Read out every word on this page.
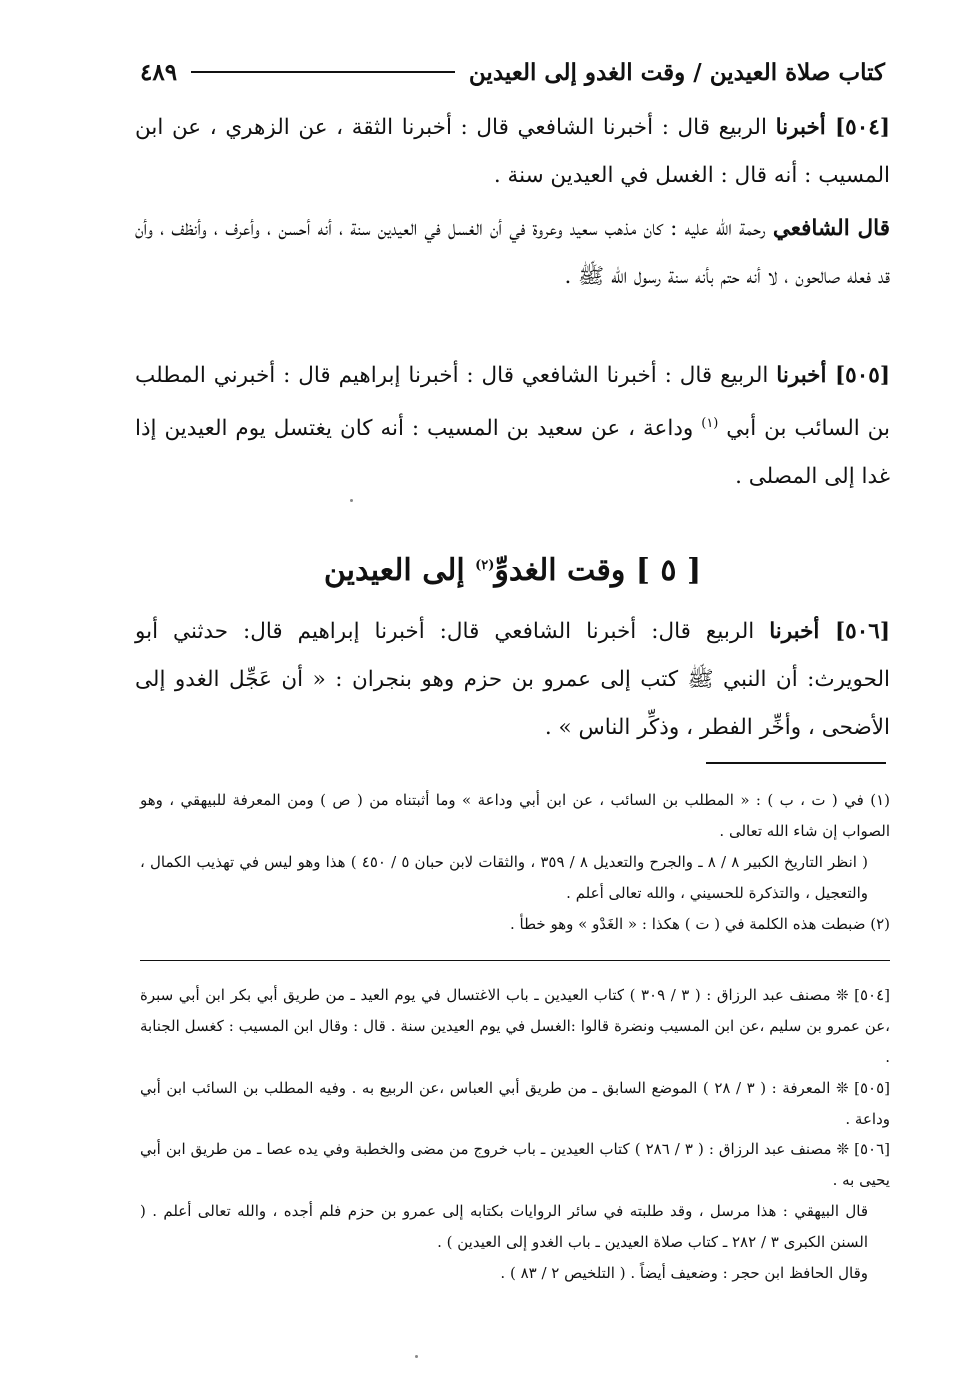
كتاب صلاة العيدين / وقت الغدو إلى العيدين
٤٨٩
[٥٠٤] أخبرنا الربيع قال : أخبرنا الشافعي قال : أخبرنا الثقة ، عن الزهري ، عن ابن المسيب : أنه قال : الغسل في العيدين سنة .
قال الشافعي رحمة الله عليه : كان مذهب سعيد وعروة في أن الغسل في العيدين سنة ، أنه أحسن ، وأعرف ، وأنظف ، وأن قد فعله صالحون ، لا أنه حتم بأنه سنة رسول الله ﷺ .
[٥٠٥] أخبرنا الربيع قال : أخبرنا الشافعي قال : أخبرنا إبراهيم قال : أخبرني المطلب بن السائب بن أبي $^{(١)}$ وداعة ، عن سعيد بن المسيب : أنه كان يغتسل يوم العيدين إذا غدا إلى المصلى .
[ ٥ ] وقت الغدوِّ$^{(٢)}$ إلى العيدين
[٥٠٦] أخبرنا الربيع قال: أخبرنا الشافعي قال: أخبرنا إبراهيم قال: حدثني أبو الحويرث: أن النبي ﷺ كتب إلى عمرو بن حزم وهو بنجران : « أن عَجِّل الغدو إلى الأضحى ، وأخِّر الفطر ، وذكِّر الناس » .
(١) في ( ت ، ب ) : « المطلب بن السائب ، عن ابن أبي وداعة » وما أثبتناه من ( ص ) ومن المعرفة للبيهقي ، وهو الصواب إن شاء الله تعالى .
( انظر التاريخ الكبير ٨ / ٨ ـ والجرح والتعديل ٨ / ٣٥٩ ، والثقات لابن حبان ٥ / ٤٥٠ ) هذا وهو ليس في تهذيب الكمال ، والتعجيل ، والتذكرة للحسيني ، والله تعالى أعلم .
(٢) ضبطت هذه الكلمة في ( ت ) هكذا : « الغَدْو » وهو خطأ .
[٥٠٤] ❊ مصنف عبد الرزاق : ( ٣ / ٣٠٩ ) كتاب العيدين ـ باب الاغتسال في يوم العيد ـ من طريق أبي بكر ابن أبي سبرة ،عن عمرو بن سليم ،عن ابن المسيب ونضرة قالوا :الغسل في يوم العيدين سنة . قال : وقال ابن المسيب : كغسل الجنابة .
[٥٠٥] ❊ المعرفة : ( ٣ / ٢٨ ) الموضع السابق ـ من طريق أبي العباس ،عن الربيع به . وفيه المطلب بن السائب ابن أبي وداعة .
[٥٠٦] ❊ مصنف عبد الرزاق : ( ٣ / ٢٨٦ ) كتاب العيدين ـ باب خروج من مضى والخطبة وفي يده عصا ـ من طريق ابن أبي يحيى به .
قال البيهقي : هذا مرسل ، وقد طلبته في سائر الروايات بكتابه إلى عمرو بن حزم فلم أجده ، والله تعالى أعلم . ( السنن الكبرى ٣ / ٢٨٢ ـ كتاب صلاة العيدين ـ باب الغدو إلى العيدين ) .
وقال الحافظ ابن حجر : وضعيف أيضاً . ( التلخيص ٢ / ٨٣ ) .
